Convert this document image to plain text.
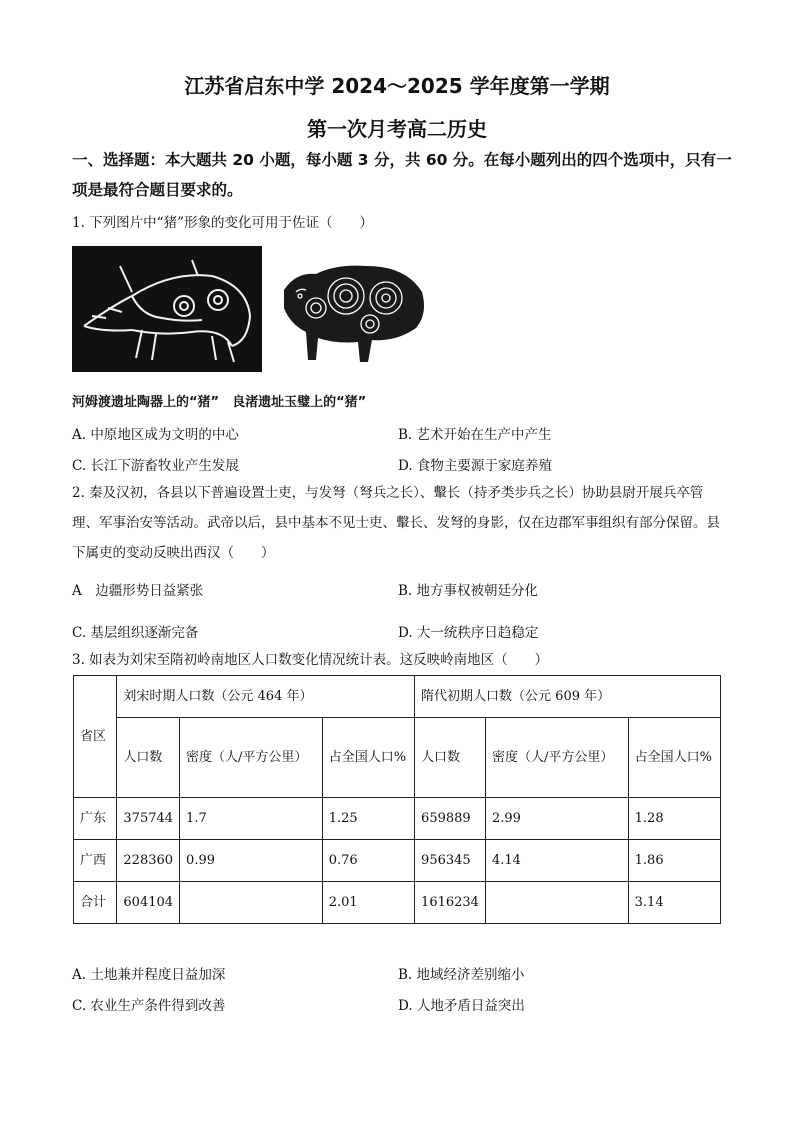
江苏省启东中学 2024～2025 学年度第一学期
第一次月考高二历史
一、选择题：本大题共 20 小题，每小题 3 分，共 60 分。在每小题列出的四个选项中，只有一项是最符合题目要求的。
1. 下列图片中“猪”形象的变化可用于佐证（　　）
河姆渡遗址陶器上的“猪”　良渚遗址玉璧上的“猪”
A. 中原地区成为文明的中心	B. 艺术开始在生产中产生
C. 长江下游畜牧业产生发展	D. 食物主要源于家庭养殖
2. 秦及汉初，各县以下普遍设置士吏，与发弩（弩兵之长）、轚长（持矛类步兵之长）协助县尉开展兵卒管理、军事治安等活动。武帝以后，县中基本不见士吏、轚长、发弩的身影，仅在边郡军事组织有部分保留。县下属吏的变动反映出西汉（　　）
A　边疆形势日益紧张	B. 地方事权被朝廷分化
C. 基层组织逐渐完备	D. 大一统秩序日趋稳定
3. 如表为刘宋至隋初岭南地区人口数变化情况统计表。这反映岭南地区（　　）
省区	刘宋时期人口数（公元 464 年）			隋代初期人口数（公元 609 年）		
	人口数	密度（人/平方公里）	占全国人口%	人口数	密度（人/平方公里）	占全国人口%
广东	375744	1.7	1.25	659889	2.99	1.28
广西	228360	0.99	0.76	956345	4.14	1.86
合计	604104		2.01	1616234		3.14
A. 土地兼并程度日益加深	B. 地域经济差别缩小
C. 农业生产条件得到改善	D. 人地矛盾日益突出
